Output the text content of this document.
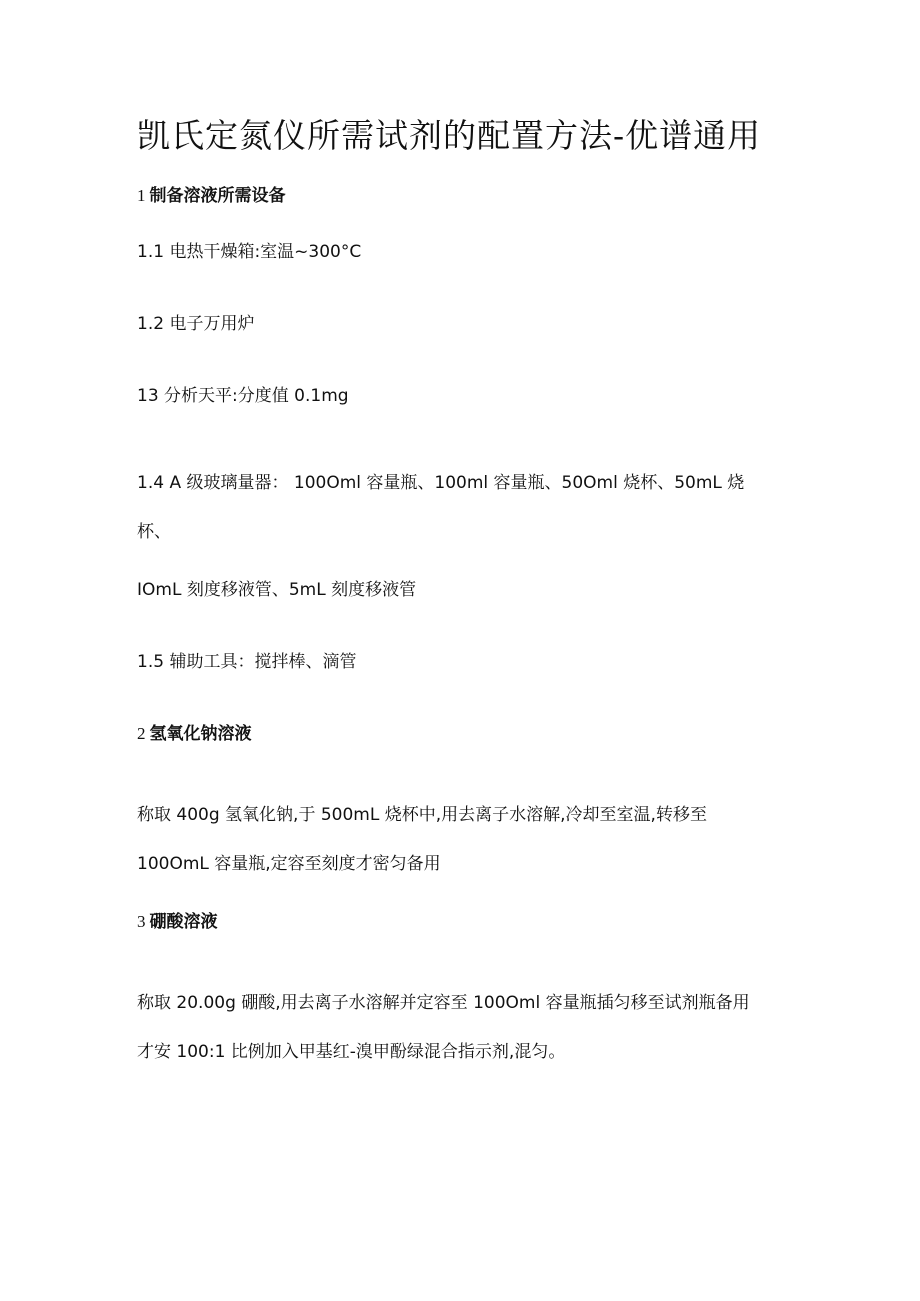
凯氏定氮仪所需试剂的配置方法-优谱通用
1 制备溶液所需设备
1.1 电热干燥箱:室温~300°C
1.2 电子万用炉
13 分析天平:分度值 0.1mg
1.4 A 级玻璃量器： 100Oml 容量瓶、100ml 容量瓶、50Oml 烧杯、50mL 烧
杯、
IOmL 刻度移液管、5mL 刻度移液管
1.5 辅助工具：搅拌棒、滴管
2 氢氧化钠溶液
称取 400g 氢氧化钠,于 500mL 烧杯中,用去离子水溶解,冷却至室温,转移至
100OmL 容量瓶,定容至刻度才密匀备用
3 硼酸溶液
称取 20.00g 硼酸,用去离子水溶解并定容至 100Oml 容量瓶插匀移至试剂瓶备用
才安 100:1 比例加入甲基红-溴甲酚绿混合指示剂,混匀。
